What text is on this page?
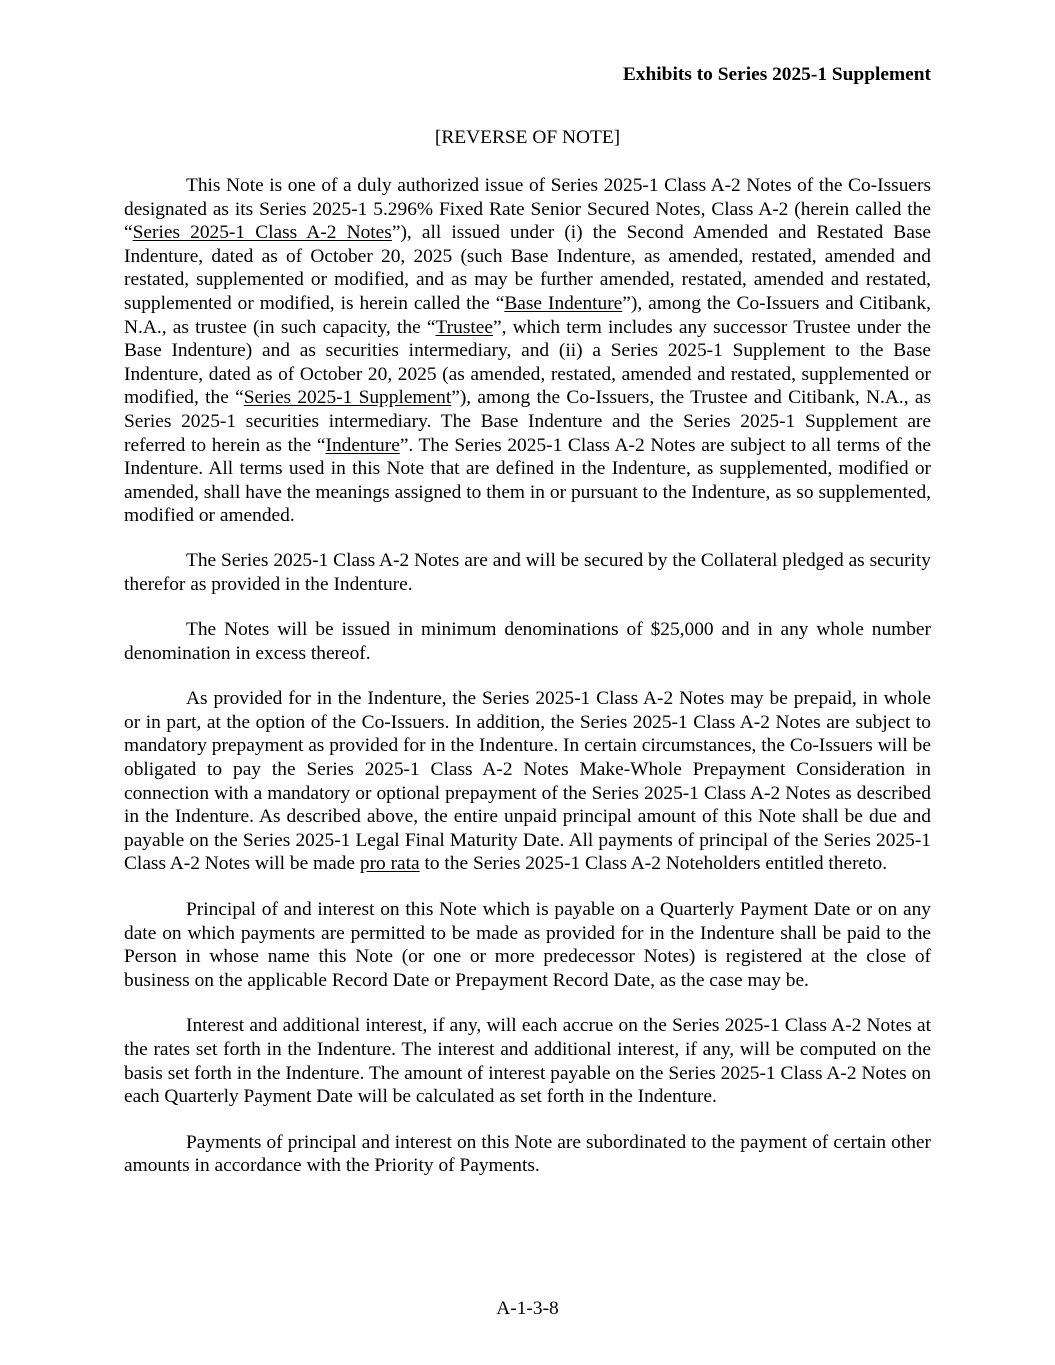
Exhibits to Series 2025-1 Supplement
[REVERSE OF NOTE]

This Note is one of a duly authorized issue of Series 2025-1 Class A-2 Notes of the Co-Issuers designated as its Series 2025-1 5.296% Fixed Rate Senior Secured Notes, Class A-2 (herein called the “Series 2025-1 Class A-2 Notes”), all issued under (i) the Second Amended and Restated Base Indenture, dated as of October 20, 2025 (such Base Indenture, as amended, restated, amended and restated, supplemented or modified, and as may be further amended, restated, amended and restated, supplemented or modified, is herein called the “Base Indenture”), among the Co-Issuers and Citibank, N.A., as trustee (in such capacity, the “Trustee”, which term includes any successor Trustee under the Base Indenture) and as securities intermediary, and (ii) a Series 2025-1 Supplement to the Base Indenture, dated as of October 20, 2025 (as amended, restated, amended and restated, supplemented or modified, the “Series 2025-1 Supplement”), among the Co-Issuers, the Trustee and Citibank, N.A., as Series 2025-1 securities intermediary. The Base Indenture and the Series 2025-1 Supplement are referred to herein as the “Indenture”. The Series 2025-1 Class A-2 Notes are subject to all terms of the Indenture. All terms used in this Note that are defined in the Indenture, as supplemented, modified or amended, shall have the meanings assigned to them in or pursuant to the Indenture, as so supplemented, modified or amended.

The Series 2025-1 Class A-2 Notes are and will be secured by the Collateral pledged as security therefor as provided in the Indenture.

The Notes will be issued in minimum denominations of $25,000 and in any whole number denomination in excess thereof.

As provided for in the Indenture, the Series 2025-1 Class A-2 Notes may be prepaid, in whole or in part, at the option of the Co-Issuers. In addition, the Series 2025-1 Class A-2 Notes are subject to mandatory prepayment as provided for in the Indenture. In certain circumstances, the Co-Issuers will be obligated to pay the Series 2025-1 Class A-2 Notes Make-Whole Prepayment Consideration in connection with a mandatory or optional prepayment of the Series 2025-1 Class A-2 Notes as described in the Indenture. As described above, the entire unpaid principal amount of this Note shall be due and payable on the Series 2025-1 Legal Final Maturity Date. All payments of principal of the Series 2025-1 Class A-2 Notes will be made pro rata to the Series 2025-1 Class A-2 Noteholders entitled thereto.

Principal of and interest on this Note which is payable on a Quarterly Payment Date or on any date on which payments are permitted to be made as provided for in the Indenture shall be paid to the Person in whose name this Note (or one or more predecessor Notes) is registered at the close of business on the applicable Record Date or Prepayment Record Date, as the case may be.

Interest and additional interest, if any, will each accrue on the Series 2025-1 Class A-2 Notes at the rates set forth in the Indenture. The interest and additional interest, if any, will be computed on the basis set forth in the Indenture. The amount of interest payable on the Series 2025-1 Class A-2 Notes on each Quarterly Payment Date will be calculated as set forth in the Indenture.

Payments of principal and interest on this Note are subordinated to the payment of certain other amounts in accordance with the Priority of Payments.

A-1-3-8
